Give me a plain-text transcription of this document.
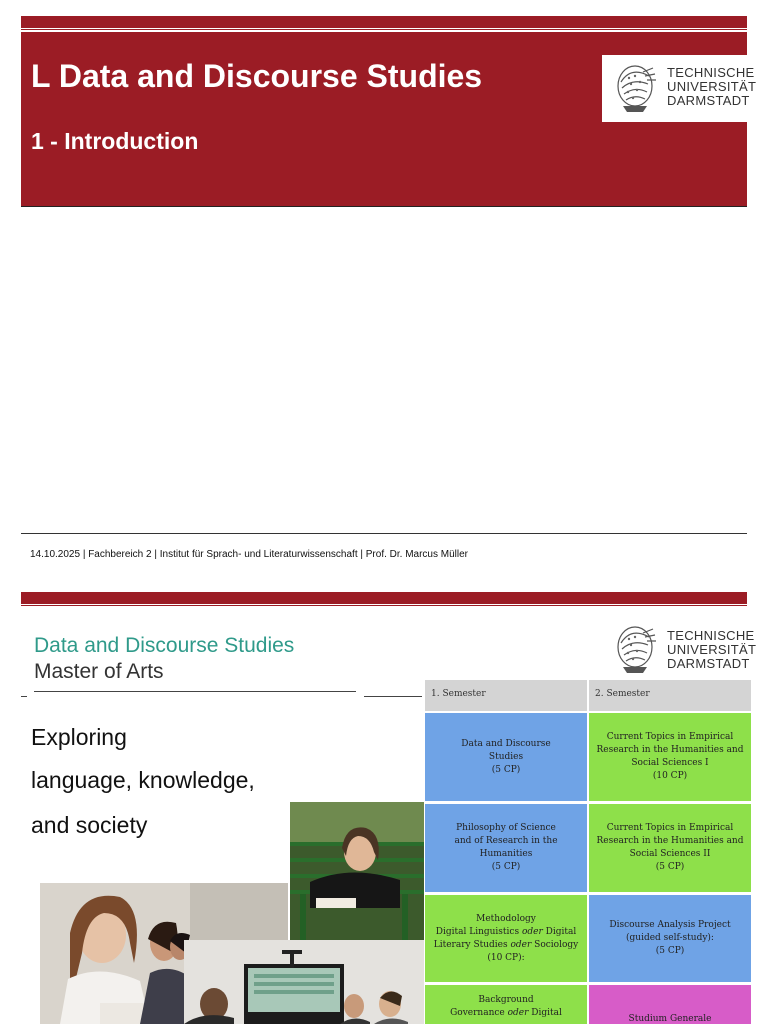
L Data and Discourse Studies
1 - Introduction
TECHNISCHE
UNIVERSITÄT
DARMSTADT
14.10.2025 | Fachbereich 2 | Institut für Sprach- und Literaturwissenschaft | Prof. Dr. Marcus Müller
TECHNISCHE
UNIVERSITÄT
DARMSTADT
Data and Discourse Studies
Master of Arts
Exploring
language, knowledge,
and society
1. Semester	2. Semester
Data and Discourse
Studies
(5 CP)
Philosophy of Science
and of Research in the
Humanities
(5 CP)
Methodology
Digital Linguistics oder Digital
Literary Studies oder Sociology
(10 CP):
Background
Governance oder Digital
Current Topics in Empirical
Research in the Humanities and
Social Sciences I
(10 CP)
Current Topics in Empirical
Research in the Humanities and
Social Sciences II
(5 CP)
Discourse Analysis Project
(guided self-study):
(5 CP)
Studium Generale
